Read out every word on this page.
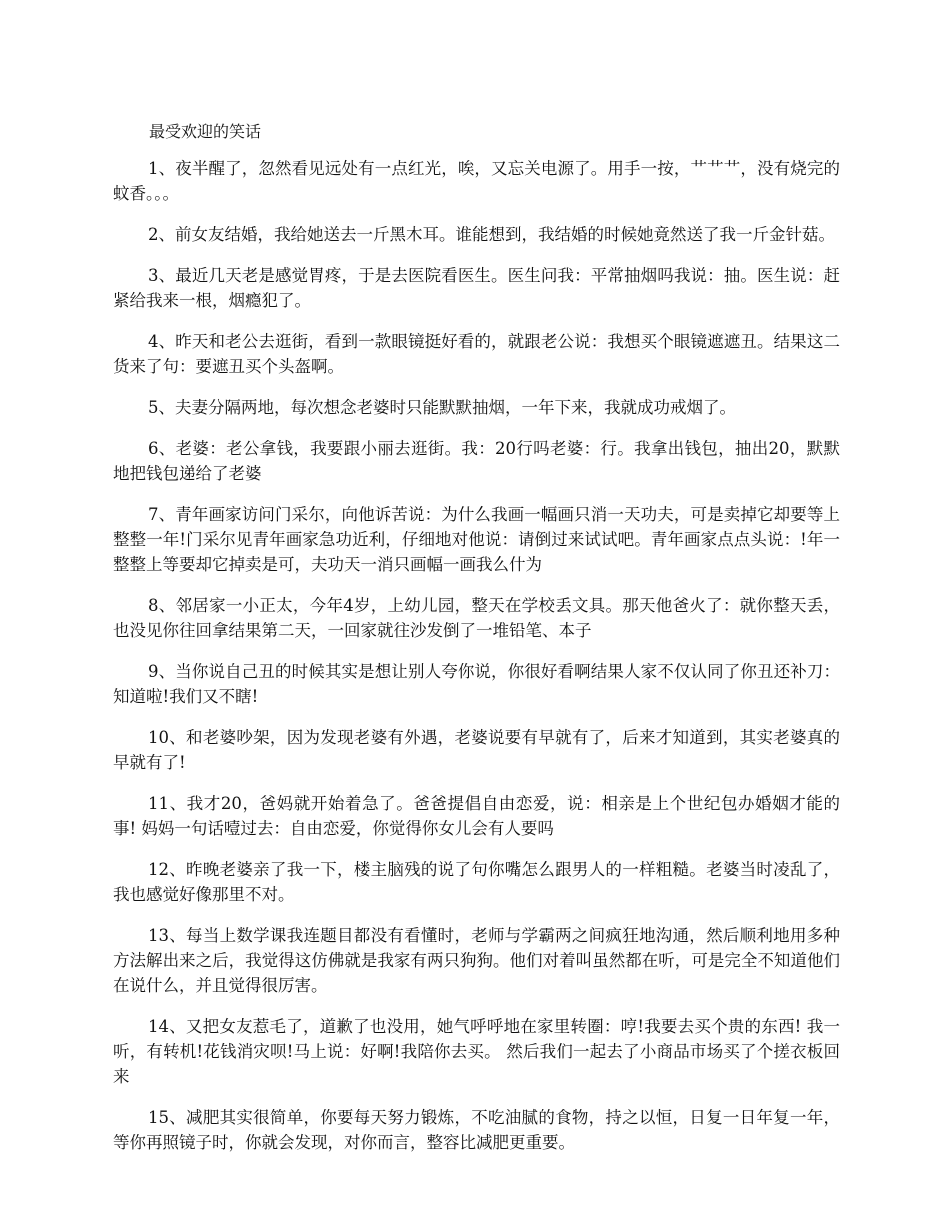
最受欢迎的笑话

1、夜半醒了，忽然看见远处有一点红光，唉，又忘关电源了。用手一按，艹艹艹，没有烧完的蚊香。。。

2、前女友结婚，我给她送去一斤黑木耳。谁能想到，我结婚的时候她竟然送了我一斤金针菇。

3、最近几天老是感觉胃疼，于是去医院看医生。医生问我：平常抽烟吗我说：抽。医生说：赶紧给我来一根，烟瘾犯了。

4、昨天和老公去逛街，看到一款眼镜挺好看的，就跟老公说：我想买个眼镜遮遮丑。结果这二货来了句：要遮丑买个头盔啊。

5、夫妻分隔两地，每次想念老婆时只能默默抽烟，一年下来，我就成功戒烟了。

6、老婆：老公拿钱，我要跟小丽去逛街。我：20行吗老婆：行。我拿出钱包，抽出20，默默地把钱包递给了老婆

7、青年画家访问门采尔，向他诉苦说：为什么我画一幅画只消一天功夫，可是卖掉它却要等上整整一年!门采尔见青年画家急功近利，仔细地对他说：请倒过来试试吧。青年画家点点头说：!年一整整上等要却它掉卖是可，夫功天一消只画幅一画我么什为

8、邻居家一小正太，今年4岁，上幼儿园，整天在学校丢文具。那天他爸火了：就你整天丢，也没见你往回拿结果第二天，一回家就往沙发倒了一堆铅笔、本子

9、当你说自己丑的时候其实是想让别人夸你说，你很好看啊结果人家不仅认同了你丑还补刀：知道啦!我们又不瞎!

10、和老婆吵架，因为发现老婆有外遇，老婆说要有早就有了，后来才知道到，其实老婆真的早就有了!

11、我才20，爸妈就开始着急了。爸爸提倡自由恋爱，说：相亲是上个世纪包办婚姻才能的事! 妈妈一句话噎过去：自由恋爱，你觉得你女儿会有人要吗

12、昨晚老婆亲了我一下，楼主脑残的说了句你嘴怎么跟男人的一样粗糙。老婆当时凌乱了，我也感觉好像那里不对。

13、每当上数学课我连题目都没有看懂时，老师与学霸两之间疯狂地沟通，然后顺利地用多种方法解出来之后，我觉得这仿佛就是我家有两只狗狗。他们对着叫虽然都在听，可是完全不知道他们在说什么，并且觉得很厉害。

14、又把女友惹毛了，道歉了也没用，她气呼呼地在家里转圈：哼!我要去买个贵的东西! 我一听，有转机!花钱消灾呗!马上说：好啊!我陪你去买。 然后我们一起去了小商品市场买了个搓衣板回来

15、减肥其实很简单，你要每天努力锻炼，不吃油腻的食物，持之以恒，日复一日年复一年，等你再照镜子时，你就会发现，对你而言，整容比减肥更重要。
